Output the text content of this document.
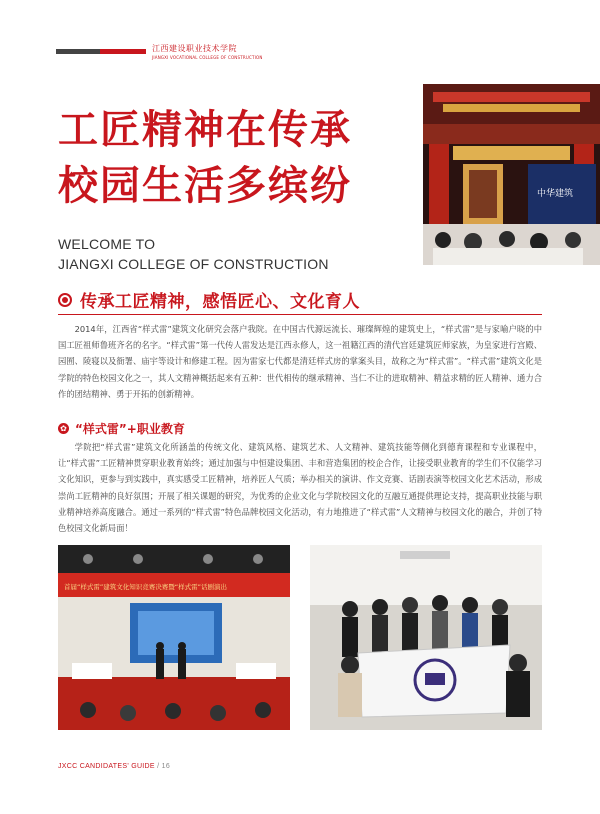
江西建设职业技术学院
JIANGXI VOCATIONAL COLLEGE OF CONSTRUCTION
工匠精神在传承
校园生活多缤纷
WELCOME TO
JIANGXI COLLEGE OF CONSTRUCTION
中华建筑
传承工匠精神，感悟匠心、文化育人

2014年，江西省“样式雷”建筑文化研究会落户我院。在中国古代源远流长、璀璨辉煌的建筑史上，“样式雷”是与家喻户晓的中国工匠祖师鲁班齐名的名字。“样式雷”第一代传人雷发达是江西永修人，这一祖籍江西的清代宫廷建筑匠师家族，为皇家进行宫殿、园囿、陵寝以及衙署、庙宇等设计和修建工程。因为雷家七代都是清廷样式房的掌案头目，故称之为“样式雷”。“样式雷”建筑文化是学院的特色校园文化之一，其人文精神概括起来有五种：世代相传的继承精神、当仁不让的进取精神、精益求精的匠人精神、通力合作的团结精神、勇于开拓的创新精神。

✿ “样式雷”+职业教育

学院把“样式雷”建筑文化所涵盖的传统文化、建筑风格、建筑艺术、人文精神、建筑技能等侧化到德育课程和专业课程中，让“样式雷”工匠精神贯穿职业教育始终；通过加强与中恒建设集团、丰和营造集团的校企合作，让接受职业教育的学生们不仅能学习文化知识，更参与到实践中，真实感受工匠精神，培养匠人气质；举办相关的演讲、作文竞赛、话剧表演等校园文化艺术活动，形成崇尚工匠精神的良好氛围；开展了相关课题的研究，为优秀的企业文化与学院校园文化的互融互通提供理论支持，提高职业技能与职业精神培养高度融合。通过一系列的“样式雷”特色品牌校园文化活动，有力地推进了“样式雷”人文精神与校园文化的融合，并创了特色校园文化新局面！

首届“样式雷”建筑文化知识竞赛决赛暨“样式雷”话剧演出
JXCC CANDIDATES' GUIDE / 16
